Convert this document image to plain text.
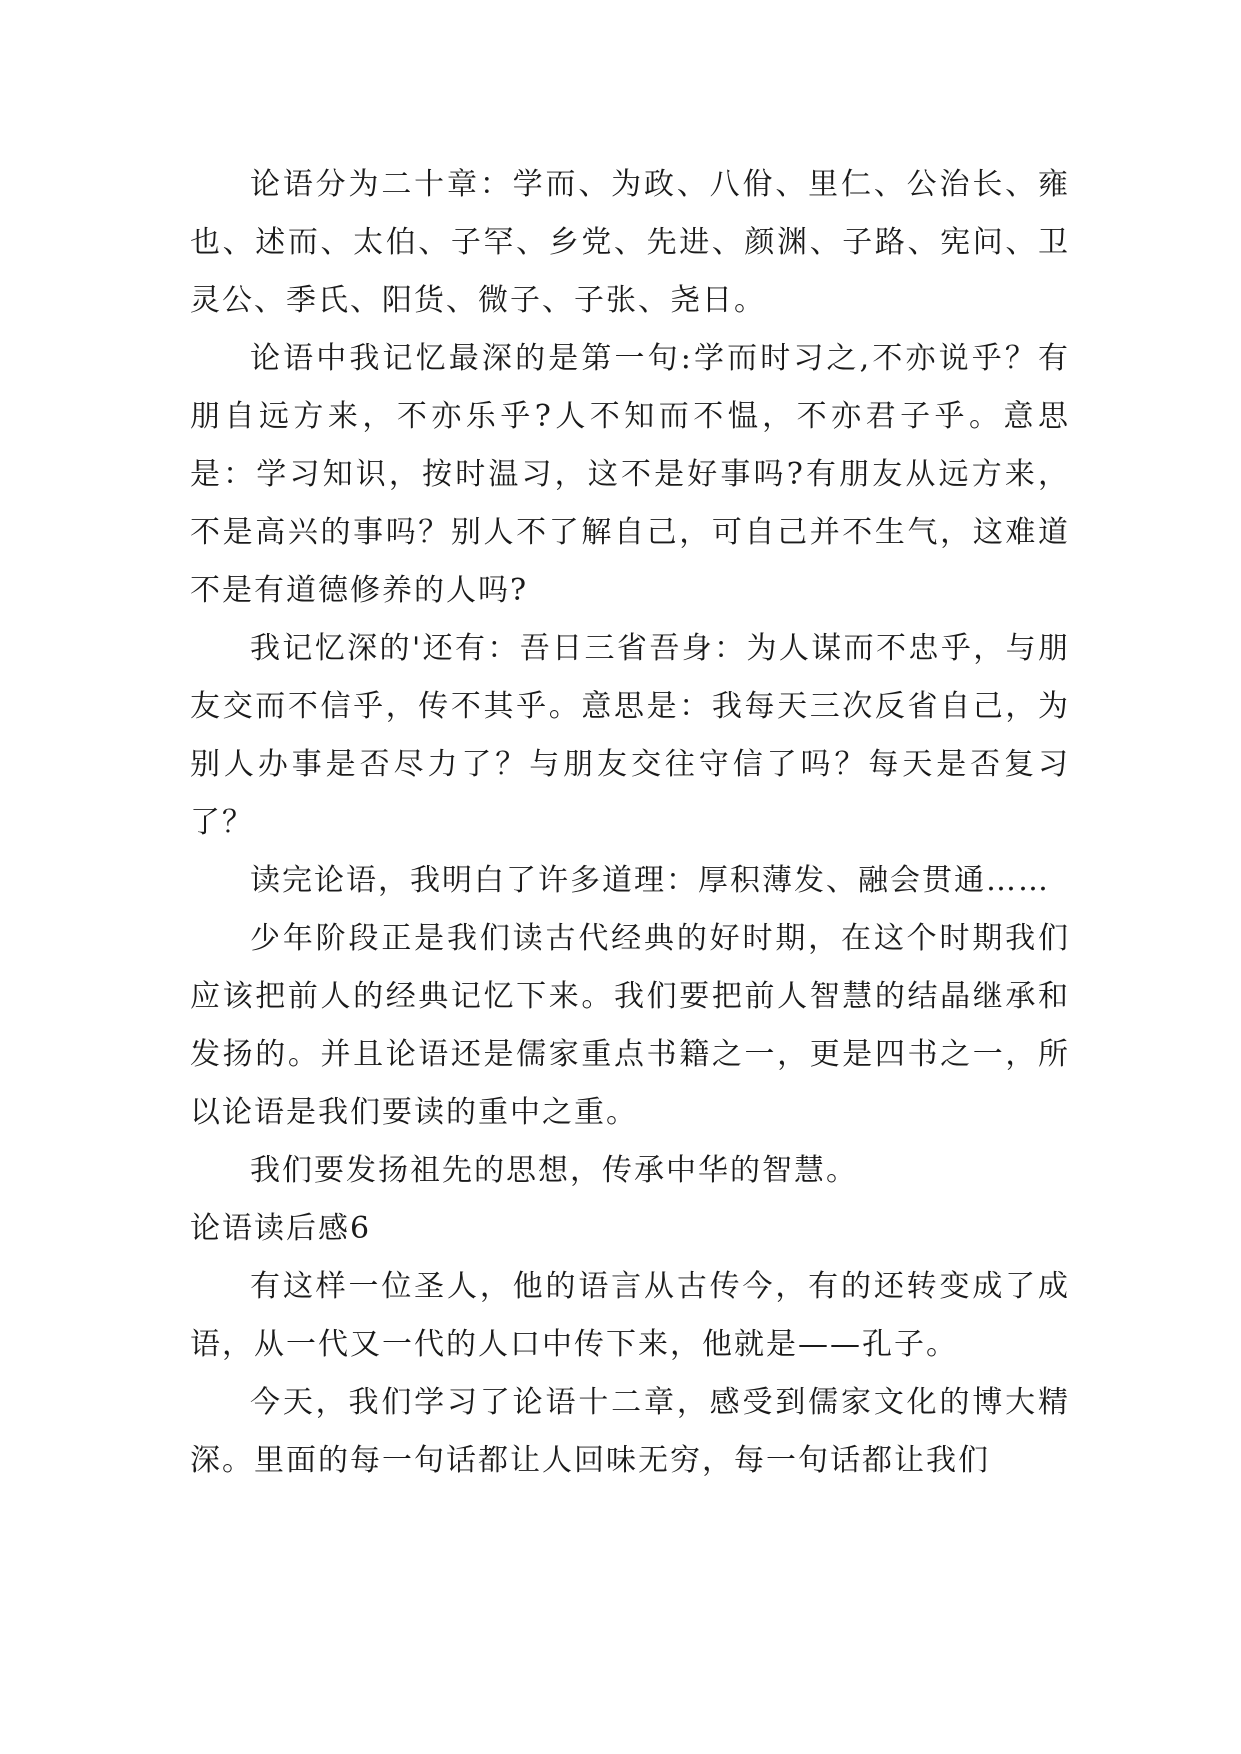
论语分为二十章：学而、为政、八佾、里仁、公治长、雍也、述而、太伯、子罕、乡党、先进、颜渊、子路、宪问、卫灵公、季氏、阳货、微子、子张、尧日。

论语中我记忆最深的是第一句:学而时习之,不亦说乎？有朋自远方来，不亦乐乎?人不知而不愠，不亦君子乎。意思是：学习知识，按时温习，这不是好事吗?有朋友从远方来，不是高兴的事吗？别人不了解自己，可自己并不生气，这难道不是有道德修养的人吗?

我记忆深的'还有：吾日三省吾身：为人谋而不忠乎，与朋友交而不信乎，传不其乎。意思是：我每天三次反省自己，为别人办事是否尽力了？与朋友交往守信了吗？每天是否复习了？

读完论语，我明白了许多道理：厚积薄发、融会贯通……

少年阶段正是我们读古代经典的好时期，在这个时期我们应该把前人的经典记忆下来。我们要把前人智慧的结晶继承和发扬的。并且论语还是儒家重点书籍之一，更是四书之一，所以论语是我们要读的重中之重。

我们要发扬祖先的思想，传承中华的智慧。

论语读后感6

有这样一位圣人，他的语言从古传今，有的还转变成了成语，从一代又一代的人口中传下来，他就是——孔子。

今天，我们学习了论语十二章，感受到儒家文化的博大精深。里面的每一句话都让人回味无穷，每一句话都让我们
